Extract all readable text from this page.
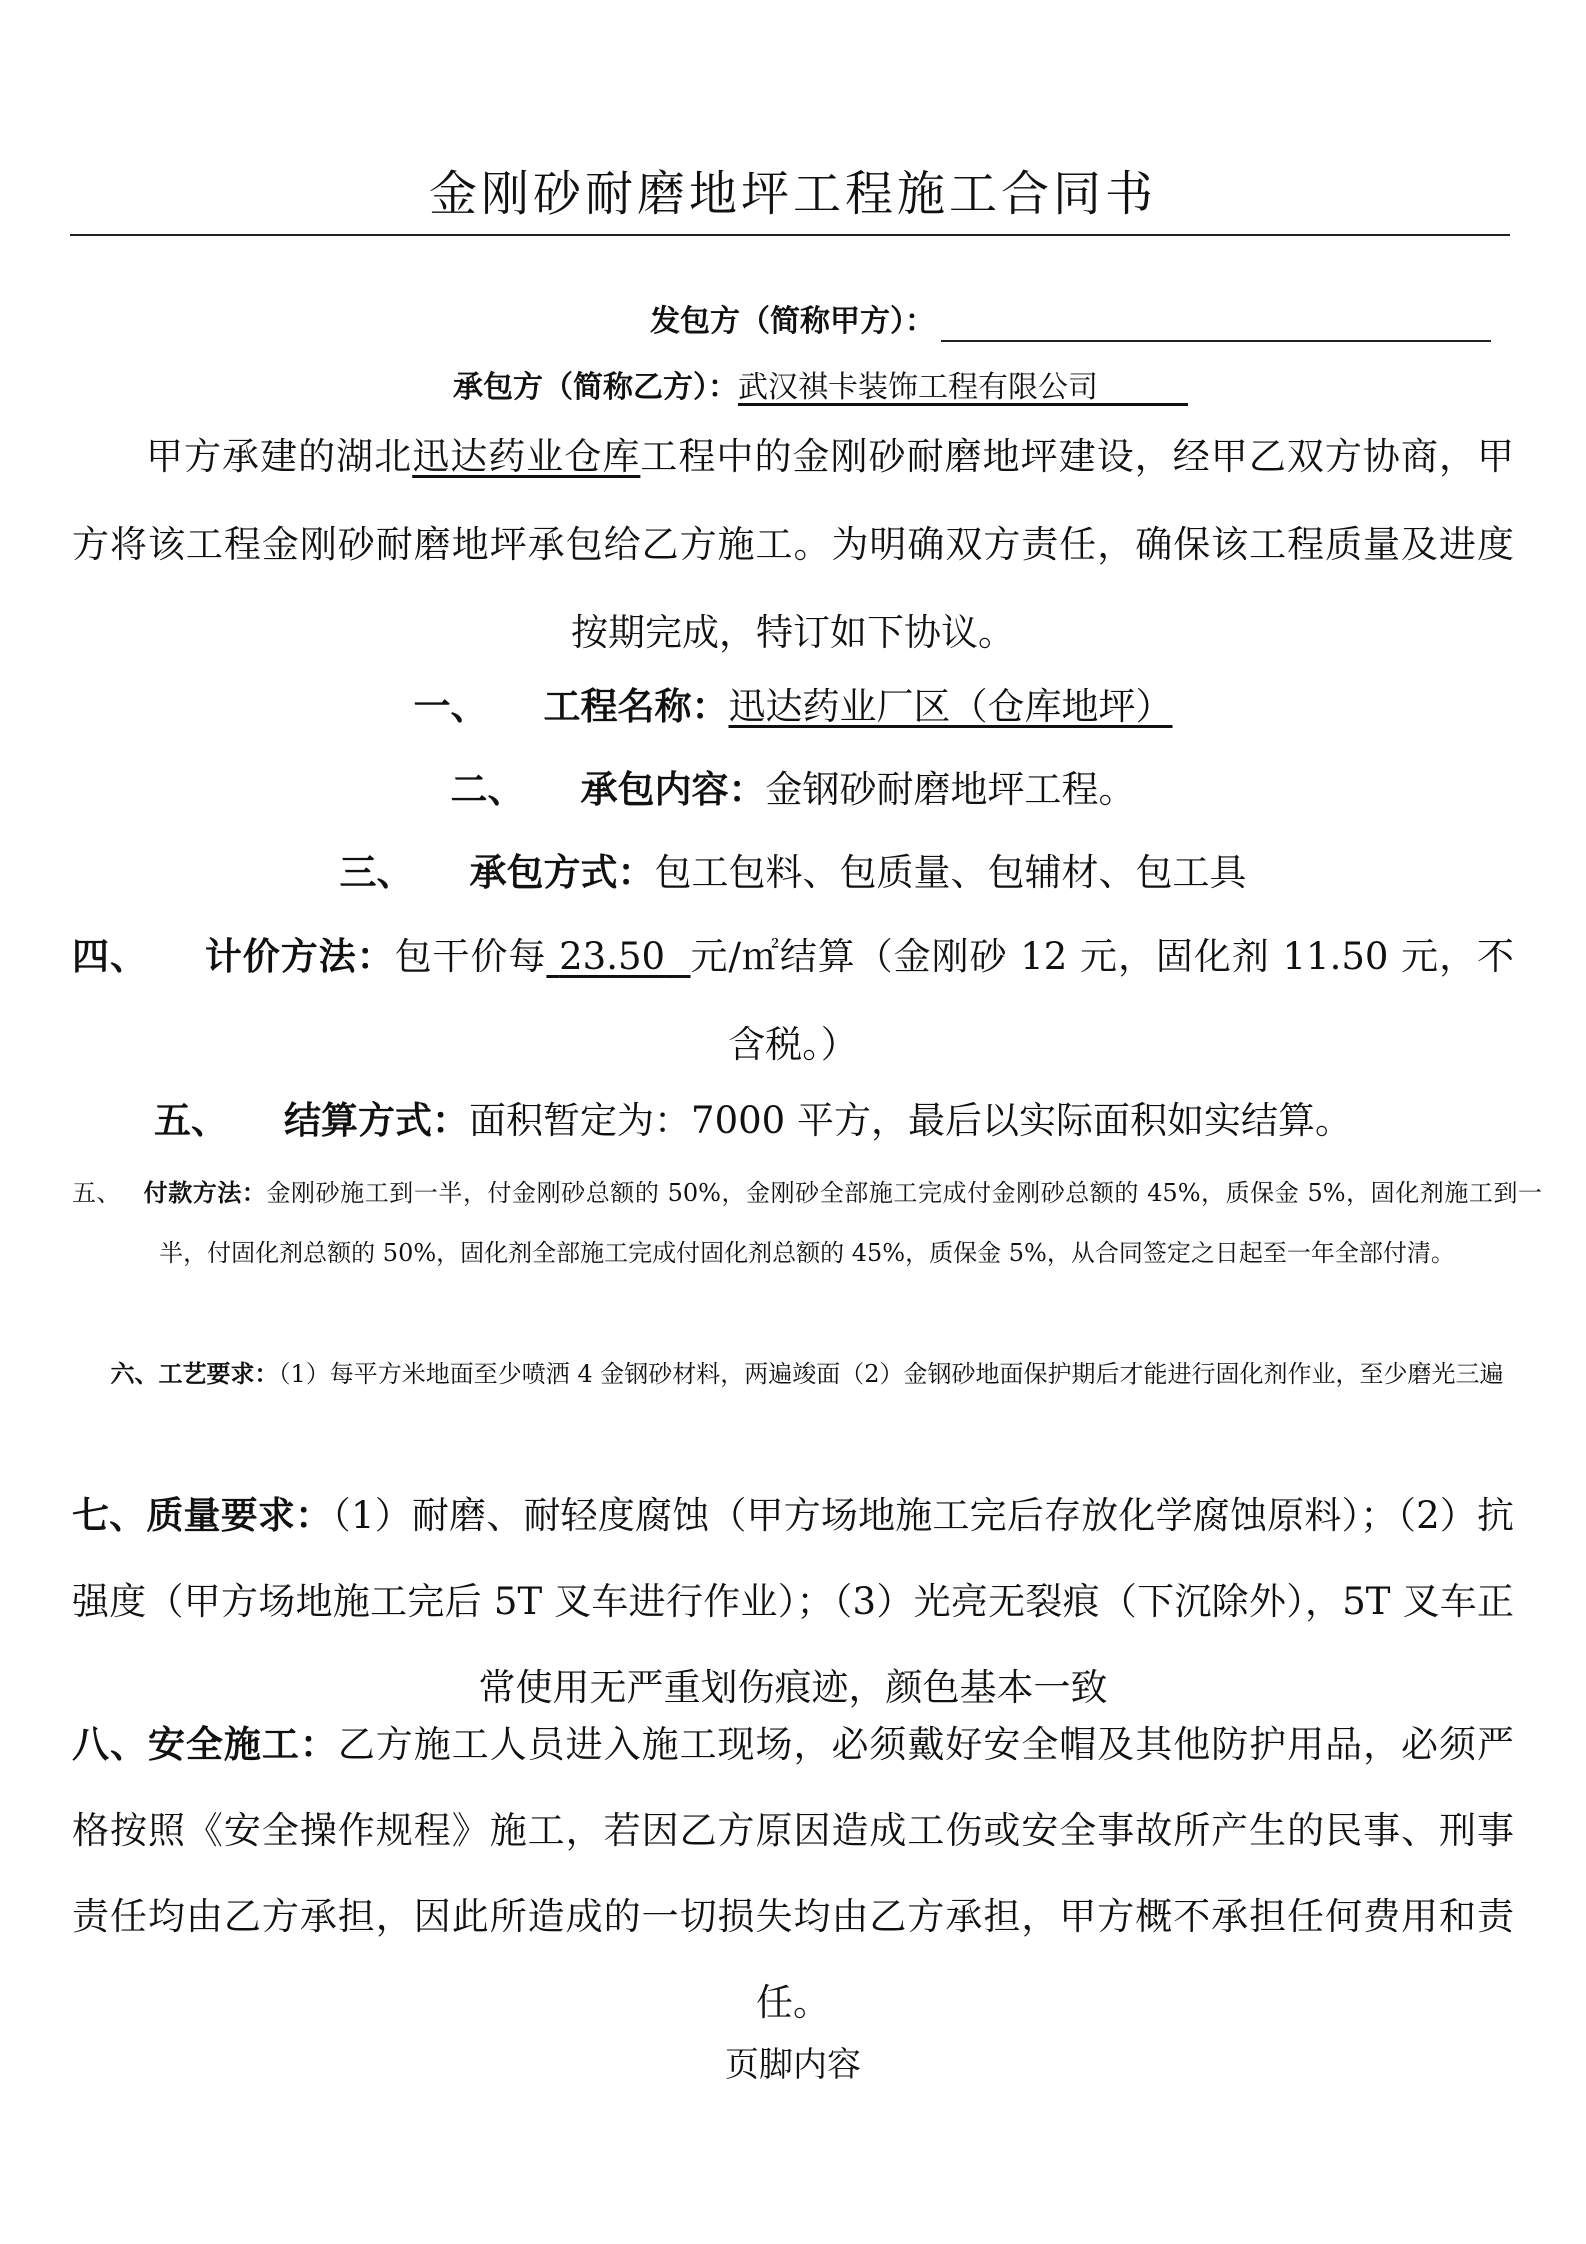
金刚砂耐磨地坪工程施工合同书
发包方（简称甲方）：
承包方（简称乙方）：武汉祺卡装饰工程有限公司　　　
甲方承建的湖北迅达药业仓库工程中的金刚砂耐磨地坪建设，经甲乙双方协商，甲方将该工程金刚砂耐磨地坪承包给乙方施工。为明确双方责任，确保该工程质量及进度按期完成，特订如下协议。
一、 工程名称：迅达药业厂区（仓库地坪）
二、 承包内容：金钢砂耐磨地坪工程。
三、 承包方式：包工包料、包质量、包辅材、包工具
四、 计价方法：包干价每 23.50 元/㎡结算（金刚砂 12 元，固化剂 11.50 元，不含税。）
五、 结算方式：面积暂定为：7000 平方，最后以实际面积如实结算。
五、 付款方法：金刚砂施工到一半，付金刚砂总额的 50%，金刚砂全部施工完成付金刚砂总额的 45%，质保金 5%，固化剂施工到一半，付固化剂总额的 50%，固化剂全部施工完成付固化剂总额的 45%，质保金 5%，从合同签定之日起至一年全部付清。
六、工艺要求：（1）每平方米地面至少喷洒 4 金钢砂材料，两遍竣面（2）金钢砂地面保护期后才能进行固化剂作业，至少磨光三遍
七、质量要求：（1）耐磨、耐轻度腐蚀（甲方场地施工完后存放化学腐蚀原料）；（2）抗强度（甲方场地施工完后 5T 叉车进行作业）；（3）光亮无裂痕（下沉除外），5T 叉车正常使用无严重划伤痕迹，颜色基本一致
八、安全施工：乙方施工人员进入施工现场，必须戴好安全帽及其他防护用品，必须严格按照《安全操作规程》施工，若因乙方原因造成工伤或安全事故所产生的民事、刑事责任均由乙方承担，因此所造成的一切损失均由乙方承担，甲方概不承担任何费用和责任。
页脚内容
